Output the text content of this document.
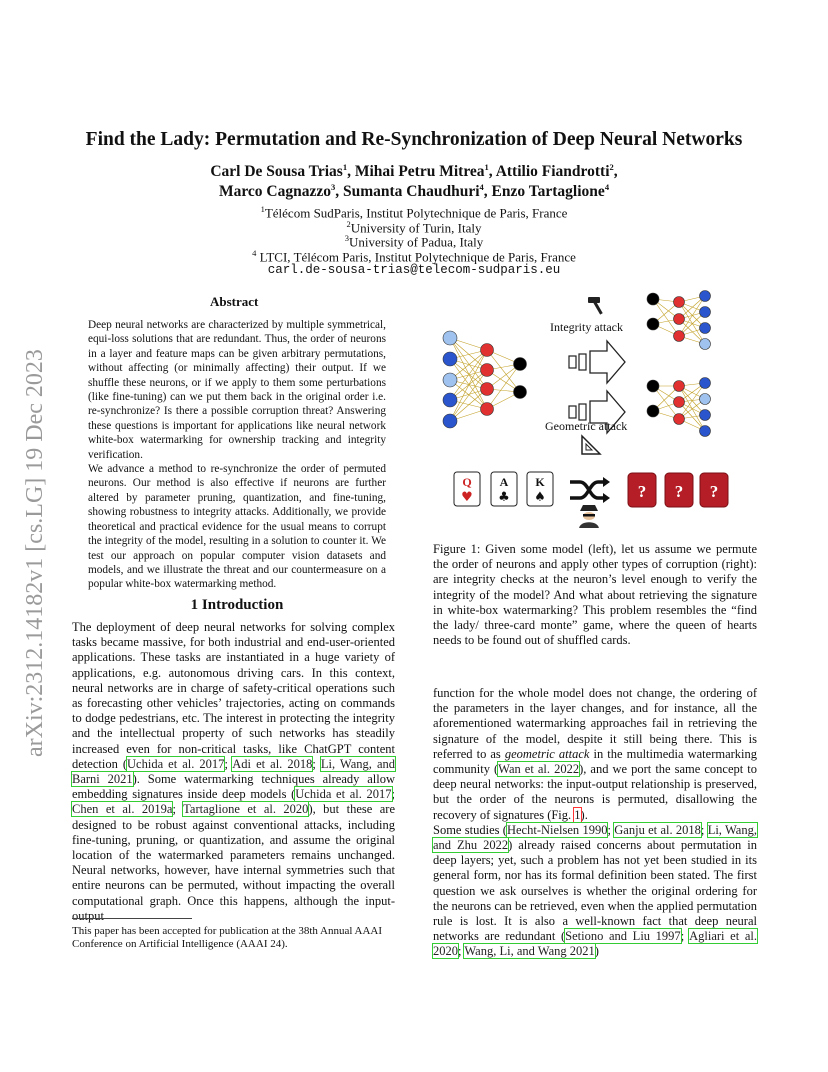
arXiv:2312.14182v1 [cs.LG] 19 Dec 2023
Find the Lady: Permutation and Re-Synchronization of Deep Neural Networks
Carl De Sousa Trias$^1$, Mihai Petru Mitrea$^1$, Attilio Fiandrotti$^2$,
Marco Cagnazzo$^3$, Sumanta Chaudhuri$^4$, Enzo Tartaglione$^4$
$^1$Télécom SudParis, Institut Polytechnique de Paris, France
$^2$University of Turin, Italy
$^3$University of Padua, Italy
$^4$ LTCI, Télécom Paris, Institut Polytechnique de Paris, France
carl.de-sousa-trias@telecom-sudparis.eu
Abstract

Deep neural networks are characterized by multiple symmetrical, equi-loss solutions that are redundant. Thus, the order of neurons in a layer and feature maps can be given arbitrary permutations, without affecting (or minimally affecting) their output. If we shuffle these neurons, or if we apply to them some perturbations (like fine-tuning) can we put them back in the original order i.e. re-synchronize? Is there a possible corruption threat? Answering these questions is important for applications like neural network white-box watermarking for ownership tracking and integrity verification.

We advance a method to re-synchronize the order of permuted neurons. Our method is also effective if neurons are further altered by parameter pruning, quantization, and fine-tuning, showing robustness to integrity attacks. Additionally, we provide theoretical and practical evidence for the usual means to corrupt the integrity of the model, resulting in a solution to counter it. We test our approach on popular computer vision datasets and models, and we illustrate the threat and our countermeasure on a popular white-box watermarking method.

1 Introduction

The deployment of deep neural networks for solving complex tasks became massive, for both industrial and end-user-oriented applications. These tasks are instantiated in a huge variety of applications, e.g. autonomous driving cars. In this context, neural networks are in charge of safety-critical operations such as forecasting other vehicles’ trajectories, acting on commands to dodge pedestrians, etc. The interest in protecting the integrity and the intellectual property of such networks has steadily increased even for non-critical tasks, like ChatGPT content detection (Uchida et al. 2017; Adi et al. 2018; Li, Wang, and Barni 2021). Some watermarking techniques already allow embedding signatures inside deep models (Uchida et al. 2017; Chen et al. 2019a; Tartaglione et al. 2020), but these are designed to be robust against conventional attacks, including fine-tuning, pruning, or quantization, and assume the original location of the watermarked parameters remains unchanged. Neural networks, however, have internal symmetries such that entire neurons can be permuted, without impacting the overall computational graph. Once this happens, although the input-output

This paper has been accepted for publication at the 38th Annual AAAI Conference on Artificial Intelligence (AAAI 24).
Integrity attack
Geometric attack
Q
♥
A
♣
K
♠	? ? ?

Figure 1: Given some model (left), let us assume we permute the order of neurons and apply other types of corruption (right): are integrity checks at the neuron’s level enough to verify the integrity of the model? And what about retrieving the signature in white-box watermarking? This problem resembles the “find the lady/ three-card monte” game, where the queen of hearts needs to be found out of shuffled cards.

function for the whole model does not change, the ordering of the parameters in the layer changes, and for instance, all the aforementioned watermarking approaches fail in retrieving the signature of the model, despite it still being there. This is referred to as geometric attack in the multimedia watermarking community (Wan et al. 2022), and we port the same concept to deep neural networks: the input-output relationship is preserved, but the order of the neurons is permuted, disallowing the recovery of signatures (Fig. 1).

Some studies (Hecht-Nielsen 1990; Ganju et al. 2018; Li, Wang, and Zhu 2022) already raised concerns about permutation in deep layers; yet, such a problem has not yet been studied in its general form, nor has its formal definition been stated. The first question we ask ourselves is whether the original ordering for the neurons can be retrieved, even when the applied permutation rule is lost. It is also a well-known fact that deep neural networks are redundant (Setiono and Liu 1997; Agliari et al. 2020; Wang, Li, and Wang 2021)
